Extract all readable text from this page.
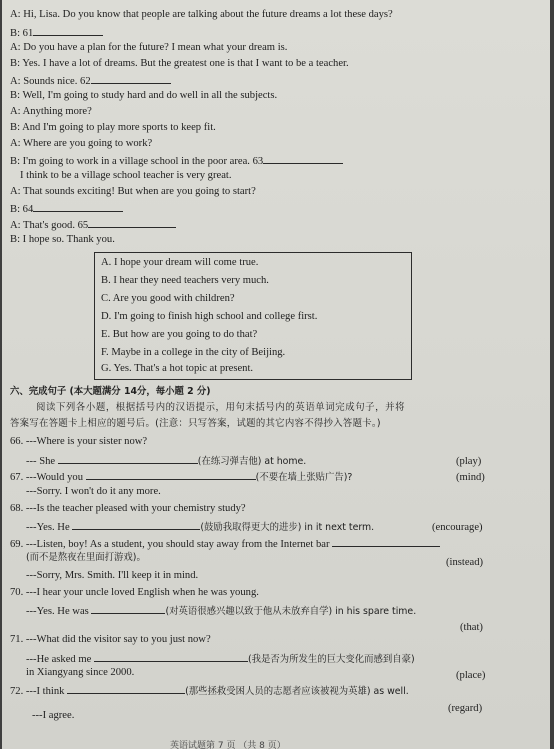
A: Hi, Lisa. Do you know that people are talking about the future dreams a lot these days?
B: 61
A: Do you have a plan for the future? I mean what your dream is.
B: Yes. I have a lot of dreams. But the greatest one is that I want to be a teacher.
A: Sounds nice. 62
B: Well, I'm going to study hard and do well in all the subjects.
A: Anything more?
B: And I'm going to play more sports to keep fit.
A: Where are you going to work?
B: I'm going to work in a village school in the poor area. 63
I think to be a village school teacher is very great.
A: That sounds exciting! But when are you going to start?
B: 64
A: That's good. 65
B: I hope so. Thank you.
A. I hope your dream will come true.
B. I hear they need teachers very much.
C. Are you good with children?
D. I'm going to finish high school and college first.
E. But how are you going to do that?
F. Maybe in a college in the city of Beijing.
G. Yes. That's a hot topic at present.
六、完成句子 (本大题满分 14分，每小题 2 分)
阅读下列各小题，根据括号内的汉语提示，用句末括号内的英语单词完成句子，并将
答案写在答题卡上相应的题号后。(注意：只写答案，试题的其它内容不得抄入答题卡。)
66. ---Where is your sister now?
--- She	(在练习弹吉他) at home.	(play)
67. ---Would you	(不要在墙上张贴广告)?	(mind)
---Sorry. I won't do it any more.
68. ---Is the teacher pleased with your chemistry study?
---Yes. He	(鼓励我取得更大的进步) in it next term.	(encourage)
69. ---Listen, boy! As a student, you should stay away from the Internet bar
(而不是熬夜在里面打游戏)。	(instead)
---Sorry, Mrs. Smith. I'll keep it in mind.
70. ---I hear your uncle loved English when he was young.
---Yes. He was	(对英语很感兴趣以致于他从未放弃自学) in his spare time.
(that)
71. ---What did the visitor say to you just now?
---He asked me	(我是否为所发生的巨大变化而感到自豪)
in Xiangyang since 2000.	(place)
72. ---I think	(那些拯救受困人员的志愿者应该被视为英雄) as well.
(regard)
---I agree.
英语试题第 7 页 （共 8 页）
